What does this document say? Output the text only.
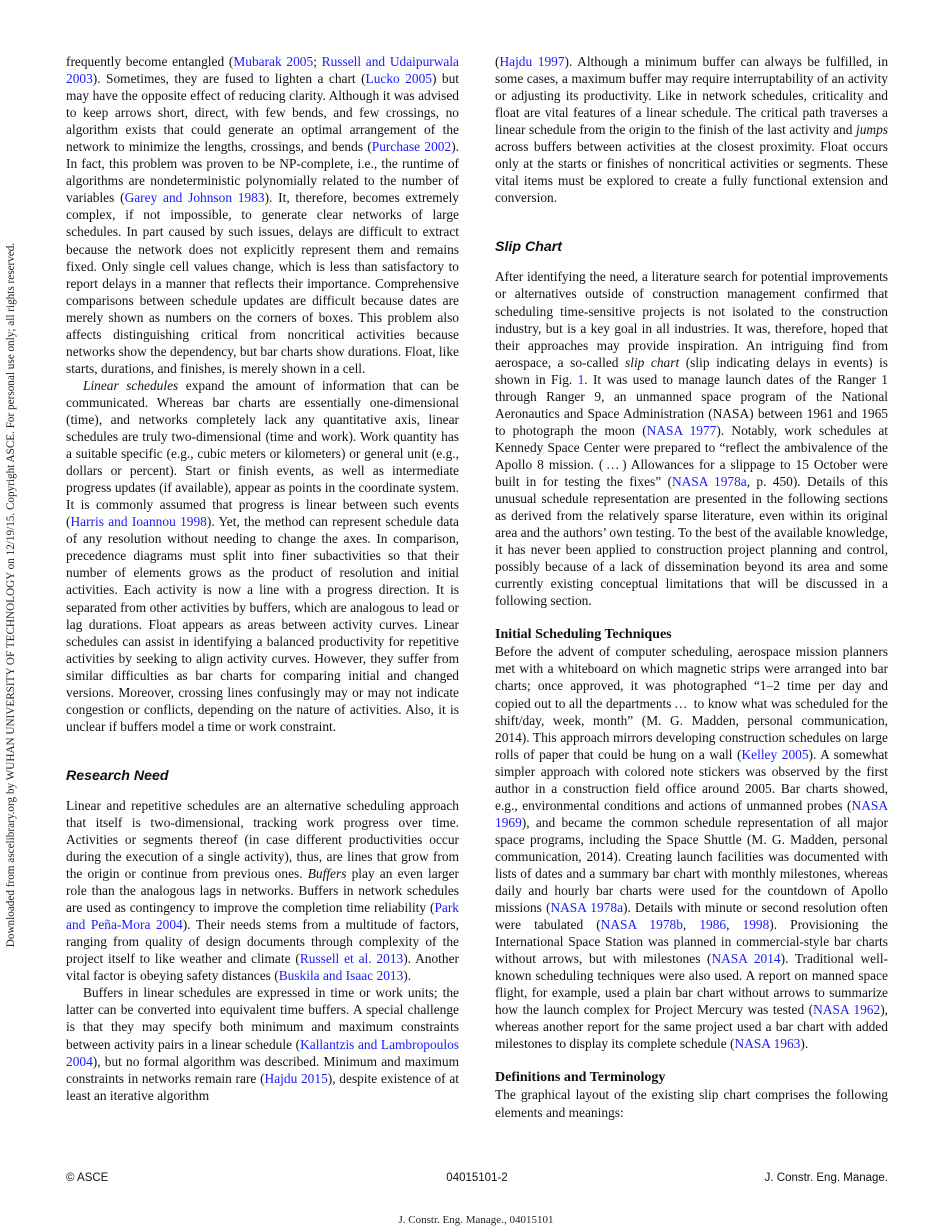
Downloaded from ascelibrary.org by WUHAN UNIVERSITY OF TECHNOLOGY on 12/19/15. Copyright ASCE. For personal use only; all rights reserved.

frequently become entangled (Mubarak 2005; Russell and Udaipurwala 2003). Sometimes, they are fused to lighten a chart (Lucko 2005) but may have the opposite effect of reducing clarity. Although it was advised to keep arrows short, direct, with few bends, and few crossings, no algorithm exists that could generate an optimal arrangement of the network to minimize the lengths, crossings, and bends (Purchase 2002). In fact, this problem was proven to be NP-complete, i.e., the runtime of algorithms are nondeterministic polynomially related to the number of variables (Garey and Johnson 1983). It, therefore, becomes extremely complex, if not impossible, to generate clear networks of large schedules. In part caused by such issues, delays are difficult to extract because the network does not explicitly represent them and remains fixed. Only single cell values change, which is less than satisfactory to report delays in a manner that reflects their importance. Comprehensive comparisons between schedule updates are difficult because dates are merely shown as numbers on the corners of boxes. This problem also affects distinguishing critical from noncritical activities because networks show the dependency, but bar charts show durations. Float, like starts, durations, and finishes, is merely shown in a cell.

Linear schedules expand the amount of information that can be communicated. Whereas bar charts are essentially one-dimensional (time), and networks completely lack any quantitative axis, linear schedules are truly two-dimensional (time and work). Work quantity has a suitable specific (e.g., cubic meters or kilometers) or general unit (e.g., dollars or percent). Start or finish events, as well as intermediate progress updates (if available), appear as points in the coordinate system. It is commonly assumed that progress is linear between such events (Harris and Ioannou 1998). Yet, the method can represent schedule data of any resolution without needing to change the axes. In comparison, precedence diagrams must split into finer subactivities so that their number of elements grows as the product of resolution and initial activities. Each activity is now a line with a progress direction. It is separated from other activities by buffers, which are analogous to lead or lag durations. Float appears as areas between activity curves. Linear schedules can assist in identifying a balanced productivity for repetitive activities by seeking to align activity curves. However, they suffer from similar difficulties as bar charts for comparing initial and changed versions. Moreover, crossing lines confusingly may or may not indicate congestion or conflicts, depending on the nature of activities. Also, it is unclear if buffers model a time or work constraint.

Research Need

Linear and repetitive schedules are an alternative scheduling approach that itself is two-dimensional, tracking work progress over time. Activities or segments thereof (in case different productivities occur during the execution of a single activity), thus, are lines that grow from the origin or continue from previous ones. Buffers play an even larger role than the analogous lags in networks. Buffers in network schedules are used as contingency to improve the completion time reliability (Park and Peña-Mora 2004). Their needs stems from a multitude of factors, ranging from quality of design documents through complexity of the project itself to like weather and climate (Russell et al. 2013). Another vital factor is obeying safety distances (Buskila and Isaac 2013).

Buffers in linear schedules are expressed in time or work units; the latter can be converted into equivalent time buffers. A special challenge is that they may specify both minimum and maximum constraints between activity pairs in a linear schedule (Kallantzis and Lambropoulos 2004), but no formal algorithm was described. Minimum and maximum constraints in networks remain rare (Hajdu 2015), despite existence of at least an iterative algorithm

(Hajdu 1997). Although a minimum buffer can always be fulfilled, in some cases, a maximum buffer may require interruptability of an activity or adjusting its productivity. Like in network schedules, criticality and float are vital features of a linear schedule. The critical path traverses a linear schedule from the origin to the finish of the last activity and jumps across buffers between activities at the closest proximity. Float occurs only at the starts or finishes of noncritical activities or segments. These vital items must be explored to create a fully functional extension and conversion.

Slip Chart

After identifying the need, a literature search for potential improvements or alternatives outside of construction management confirmed that scheduling time-sensitive projects is not isolated to the construction industry, but is a key goal in all industries. It was, therefore, hoped that their approaches may provide inspiration. An intriguing find from aerospace, a so-called slip chart (slip indicating delays in events) is shown in Fig. 1. It was used to manage launch dates of the Ranger 1 through Ranger 9, an unmanned space program of the National Aeronautics and Space Administration (NASA) between 1961 and 1965 to photograph the moon (NASA 1977). Notably, work schedules at Kennedy Space Center were prepared to “reflect the ambivalence of the Apollo 8 mission. ( … ) Allowances for a slippage to 15 October were built in for testing the fixes” (NASA 1978a, p. 450). Details of this unusual schedule representation are presented in the following sections as derived from the relatively sparse literature, even within its original area and the authors’ own testing. To the best of the available knowledge, it has never been applied to construction project planning and control, possibly because of a lack of dissemination beyond its area and some currently existing conceptual limitations that will be discussed in a following section.

Initial Scheduling Techniques

Before the advent of computer scheduling, aerospace mission planners met with a whiteboard on which magnetic strips were arranged into bar charts; once approved, it was photographed “1–2 time per day and copied out to all the departments …  to know what was scheduled for the shift/day, week, month” (M. G. Madden, personal communication, 2014). This approach mirrors developing construction schedules on large rolls of paper that could be hung on a wall (Kelley 2005). A somewhat simpler approach with colored note stickers was observed by the first author in a construction field office around 2005. Bar charts showed, e.g., environmental conditions and actions of unmanned probes (NASA 1969), and became the common schedule representation of all major space programs, including the Space Shuttle (M. G. Madden, personal communication, 2014). Creating launch facilities was documented with lists of dates and a summary bar chart with monthly milestones, whereas daily and hourly bar charts were used for the countdown of Apollo missions (NASA 1978a). Details with minute or second resolution often were tabulated (NASA 1978b, 1986, 1998). Provisioning the International Space Station was planned in commercial-style bar charts without arrows, but with milestones (NASA 2014). Traditional well-known scheduling techniques were also used. A report on manned space flight, for example, used a plain bar chart without arrows to summarize how the launch complex for Project Mercury was tested (NASA 1962), whereas another report for the same project used a bar chart with added milestones to display its complete schedule (NASA 1963).

Definitions and Terminology

The graphical layout of the existing slip chart comprises the following elements and meanings:

© ASCE	04015101-2	J. Constr. Eng. Manage.
J. Constr. Eng. Manage., 04015101
